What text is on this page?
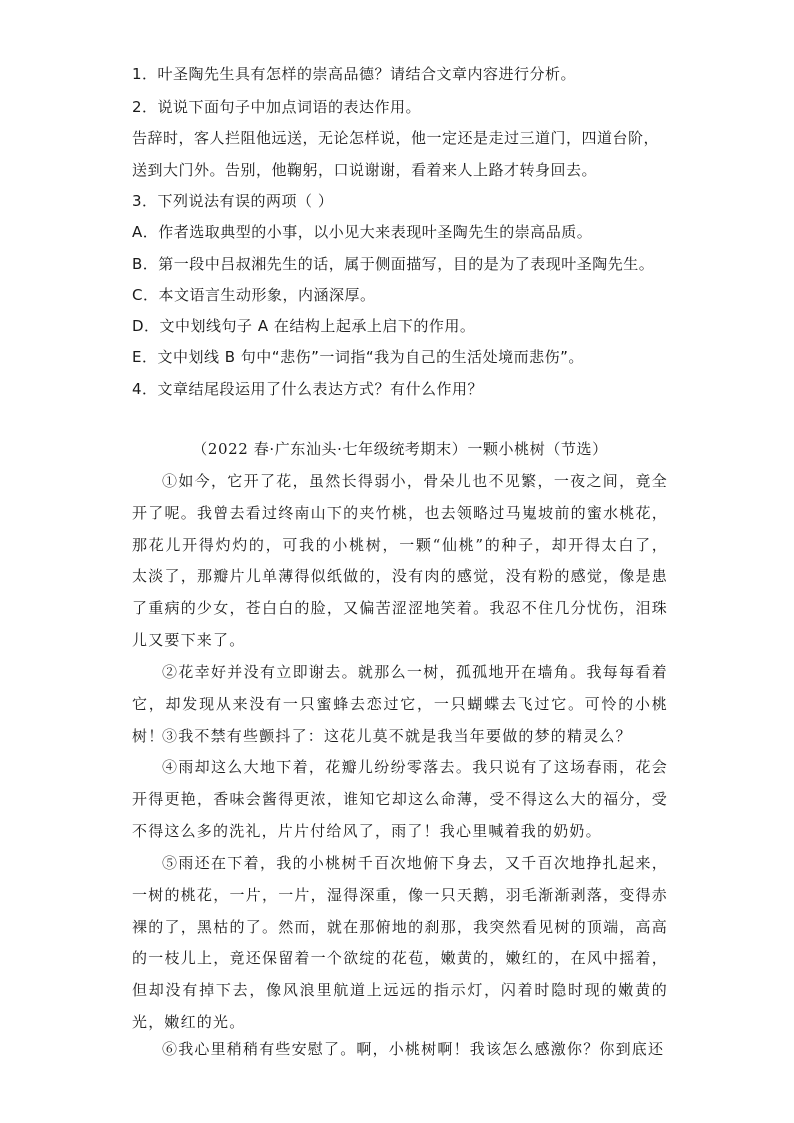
1．叶圣陶先生具有怎样的崇高品德？请结合文章内容进行分析。
2．说说下面句子中加点词语的表达作用。
告辞时，客人拦阻他远送，无论怎样说，他一定还是走过三道门，四道台阶，
送到大门外。告别，他鞠躬，口说谢谢，看着来人上路才转身回去。
3．下列说法有误的两项（ ）
A．作者选取典型的小事，以小见大来表现叶圣陶先生的崇高品质。
B．第一段中吕叔湘先生的话，属于侧面描写，目的是为了表现叶圣陶先生。
C．本文语言生动形象，内涵深厚。
D．文中划线句子 A 在结构上起承上启下的作用。
E．文中划线 B 句中“悲伤”一词指“我为自己的生活处境而悲伤”。
4．文章结尾段运用了什么表达方式？有什么作用？
（2022 春·广东汕头·七年级统考期末）一颗小桃树（节选）
①如今，它开了花，虽然长得弱小，骨朵儿也不见繁，一夜之间，竟全开了呢。我曾去看过终南山下的夹竹桃，也去领略过马嵬坡前的蜜水桃花，那花儿开得灼灼的，可我的小桃树，一颗“仙桃”的种子，却开得太白了，太淡了，那瓣片儿单薄得似纸做的，没有肉的感觉，没有粉的感觉，像是患了重病的少女，苍白白的脸，又偏苦涩涩地笑着。我忍不住几分忧伤，泪珠儿又要下来了。
②花幸好并没有立即谢去。就那么一树，孤孤地开在墙角。我每每看着它，却发现从来没有一只蜜蜂去恋过它，一只蝴蝶去飞过它。可怜的小桃树！
③我不禁有些颤抖了：这花儿莫不就是我当年要做的梦的精灵么？
④雨却这么大地下着，花瓣儿纷纷零落去。我只说有了这场春雨，花会开得更艳，香味会酱得更浓，谁知它却这么命薄，受不得这么大的福分，受不得这么多的洗礼，片片付给风了，雨了！我心里喊着我的奶奶。
⑤雨还在下着，我的小桃树千百次地俯下身去，又千百次地挣扎起来，一树的桃花，一片，一片，湿得深重，像一只天鹅，羽毛渐渐剥落，变得赤裸的了，黑枯的了。然而，就在那俯地的刹那，我突然看见树的顶端，高高的一枝儿上，竟还保留着一个欲绽的花苞，嫩黄的，嫩红的，在风中摇着，但却没有掉下去，像风浪里航道上远远的指示灯，闪着时隐时现的嫩黄的光，嫩红的光。
⑥我心里稍稍有些安慰了。啊，小桃树啊！我该怎么感激你？你到底还
